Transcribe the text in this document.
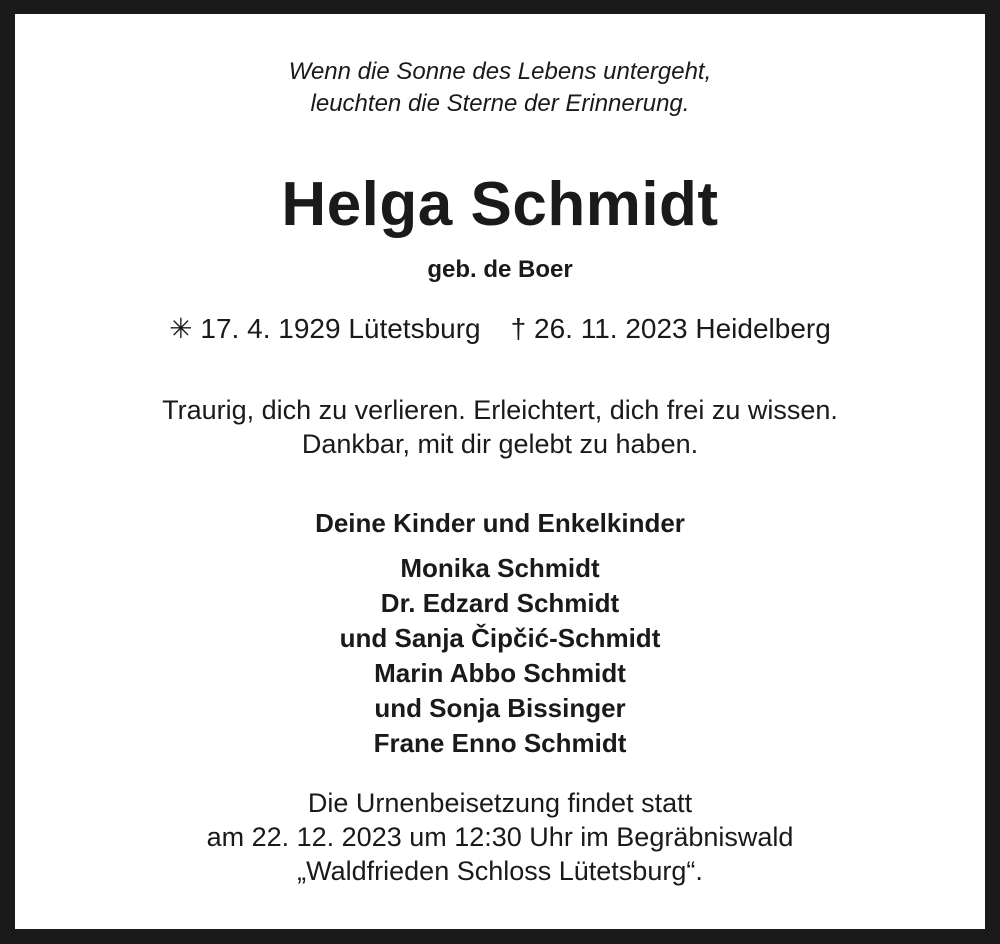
Wenn die Sonne des Lebens untergeht,
leuchten die Sterne der Erinnerung.
Helga Schmidt
geb. de Boer
✳ 17. 4. 1929 Lütetsburg † 26. 11. 2023 Heidelberg
Traurig, dich zu verlieren. Erleichtert, dich frei zu wissen.
Dankbar, mit dir gelebt zu haben.
Deine Kinder und Enkelkinder
Monika Schmidt
Dr. Edzard Schmidt
und Sanja Čipčić-Schmidt
Marin Abbo Schmidt
und Sonja Bissinger
Frane Enno Schmidt
Die Urnenbeisetzung findet statt
am 22. 12. 2023 um 12:30 Uhr im Begräbniswald
„Waldfrieden Schloss Lütetsburg“.
